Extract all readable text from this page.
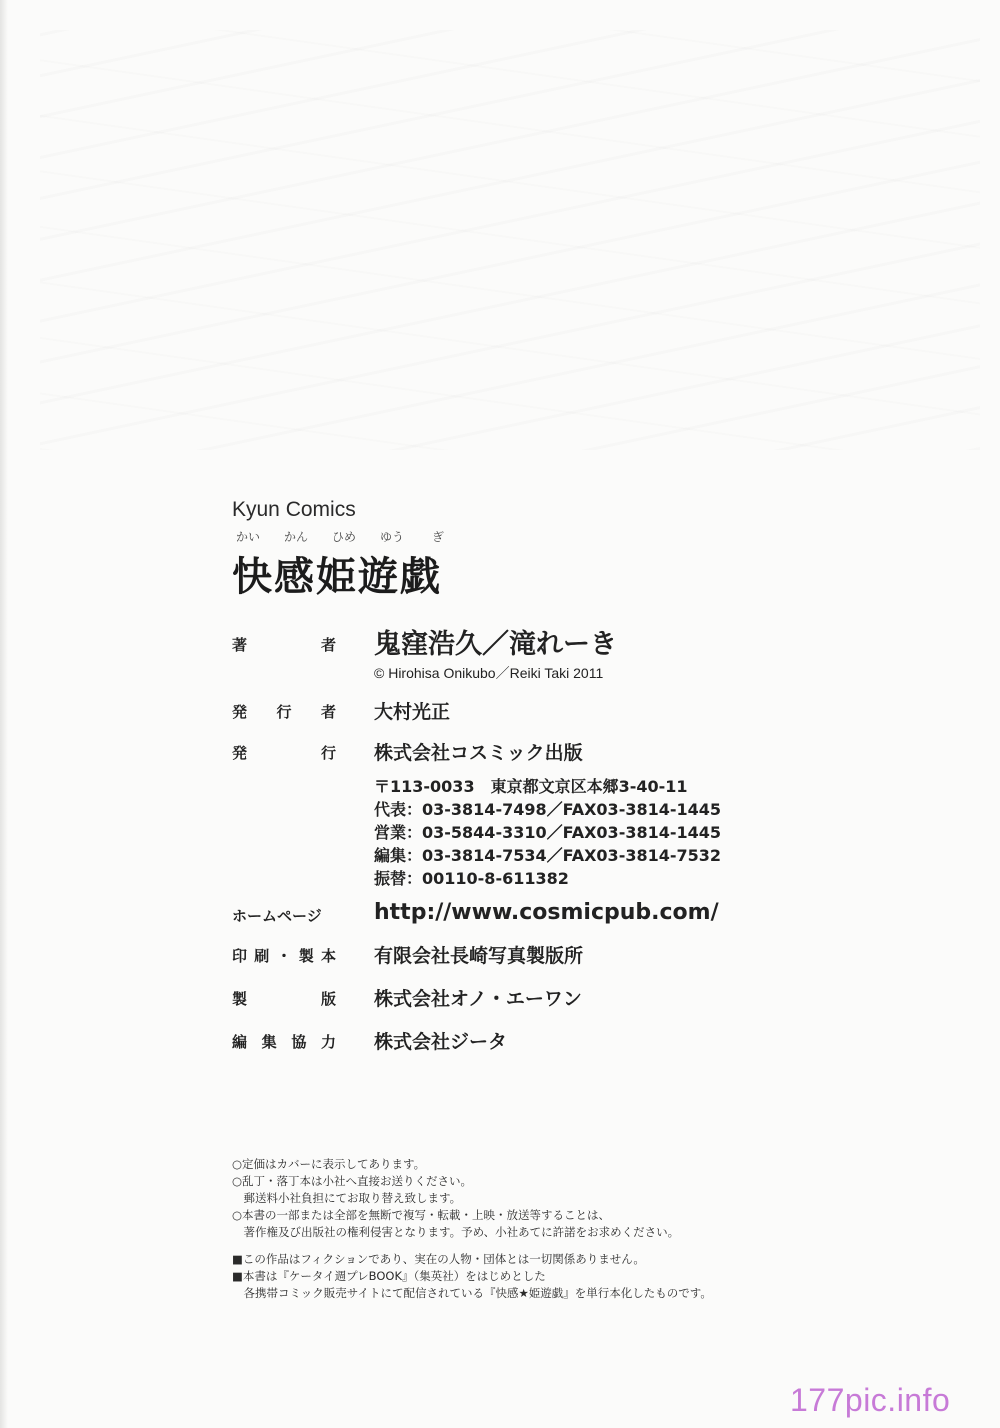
Kyun Comics
かい かん ひめ ゆう ぎ
快感姫遊戯
著	者 鬼窪浩久／滝れーき
© Hirohisa Onikubo／Reiki Taki 2011
発 行 者 大村光正
発	行 株式会社コスミック出版
〒113-0033　東京都文京区本郷3-40-11
代表：03-3814-7498／FAX03-3814-1445
営業：03-5844-3310／FAX03-3814-1445
編集：03-3814-7534／FAX03-3814-7532
振替：00110-8-611382
ホームページ http://www.cosmicpub.com/
印 刷 ・ 製 本 有限会社長崎写真製版所
製	版 株式会社オノ・エーワン
編 集 協 力 株式会社ジータ
○定価はカバーに表示してあります。
○乱丁・落丁本は小社へ直接お送りください。
　郵送料小社負担にてお取り替え致します。
○本書の一部または全部を無断で複写・転載・上映・放送等することは、
　著作権及び出版社の権利侵害となります。予め、小社あてに許諾をお求めください。
■この作品はフィクションであり、実在の人物・団体とは一切関係ありません。
■本書は『ケータイ週プレBOOK』（集英社）をはじめとした
　各携帯コミック販売サイトにて配信されている『快感★姫遊戯』を単行本化したものです。
177pic.info
